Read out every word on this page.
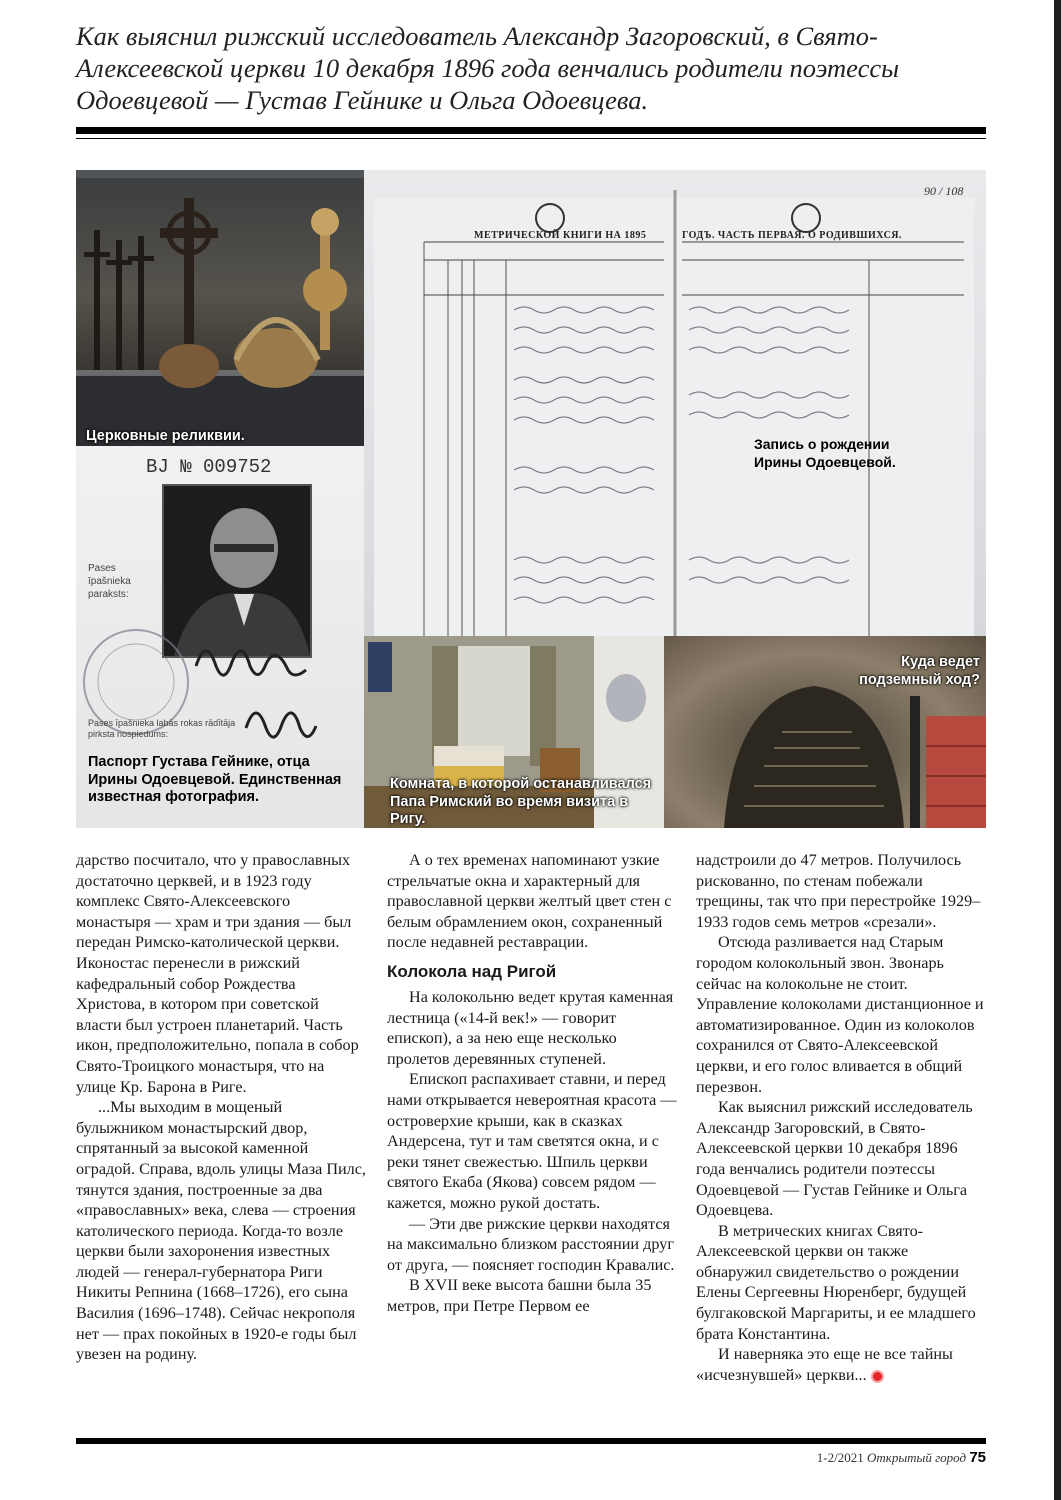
Как выяснил рижский исследователь Александр Загоровский, в Свято-Алексеевской церкви 10 декабря 1896 года венчались родители поэтессы Одоевцевой — Густав Гейнике и Ольга Одоевцева.

Церковные реликвии.

МЕТРИЧЕСКОЙ КНИГИ НА 1895	ГОДЪ. ЧАСТЬ ПЕРВАЯ. О РОДИВШИХСЯ.

90 / 108

Запись о рождении Ирины Одоевцевой.

BJ № 009752

Pases īpašnieka paraksts:

Pases īpašnieka labās rokas rādītāja pirksta nospiedums:

Паспорт Густава Гейнике, отца Ирины Одоевцевой. Единственная известная фотография.

Комната, в которой останавливался Папа Римский во время визита в Ригу.

Куда ведет подземный ход?

дарство посчитало, что у православных достаточно церквей, и в 1923 году комплекс Свято-Алексеевского монастыря — храм и три здания — был передан Римско-католической церкви. Иконостас перенесли в рижский кафедральный собор Рождества Христова, в котором при советской власти был устроен планетарий. Часть икон, предположительно, попала в собор Свято-Троицкого монастыря, что на улице Кр. Барона в Риге.

...Мы выходим в мощеный булыжником монастырский двор, спрятанный за высокой каменной оградой. Справа, вдоль улицы Маза Пилс, тянутся здания, построенные за два «православных» века, слева — строения католического периода. Когда-то возле церкви были захоронения известных людей — генерал-губернатора Риги Никиты Репнина (1668–1726), его сына Василия (1696–1748). Сейчас некрополя нет — прах покойных в 1920-е годы был увезен на родину.

А о тех временах напоминают узкие стрельчатые окна и характерный для православной церкви желтый цвет стен с белым обрамлением окон, сохраненный после недавней реставрации.

Колокола над Ригой

На колокольню ведет крутая каменная лестница («14-й век!» — говорит епископ), а за нею еще несколько пролетов деревянных ступеней.

Епископ распахивает ставни, и перед нами открывается невероятная красота — островерхие крыши, как в сказках Андерсена, тут и там светятся окна, и с реки тянет свежестью. Шпиль церкви святого Екаба (Якова) совсем рядом — кажется, можно рукой достать.

— Эти две рижские церкви находятся на максимально близком расстоянии друг от друга, — поясняет господин Кравалис.

В XVII веке высота башни была 35 метров, при Петре Первом ее

надстроили до 47 метров. Получилось рискованно, по стенам побежали трещины, так что при перестройке 1929–1933 годов семь метров «срезали».

Отсюда разливается над Старым городом колокольный звон. Звонарь сейчас на колокольне не стоит. Управление колоколами дистанционное и автоматизированное. Один из колоколов сохранился от Свято-Алексеевской церкви, и его голос вливается в общий перезвон.

Как выяснил рижский исследователь Александр Загоровский, в Свято-Алексеевской церкви 10 декабря 1896 года венчались родители поэтессы Одоевцевой — Густав Гейнике и Ольга Одоевцева.

В метрических книгах Свято-Алексеевской церкви он также обнаружил свидетельство о рождении Елены Сергеевны Нюренберг, будущей булгаковской Маргариты, и ее младшего брата Константина.

И наверняка это еще не все тайны «исчезнувшей» церкви...

1-2/2021 Открытый город 75
